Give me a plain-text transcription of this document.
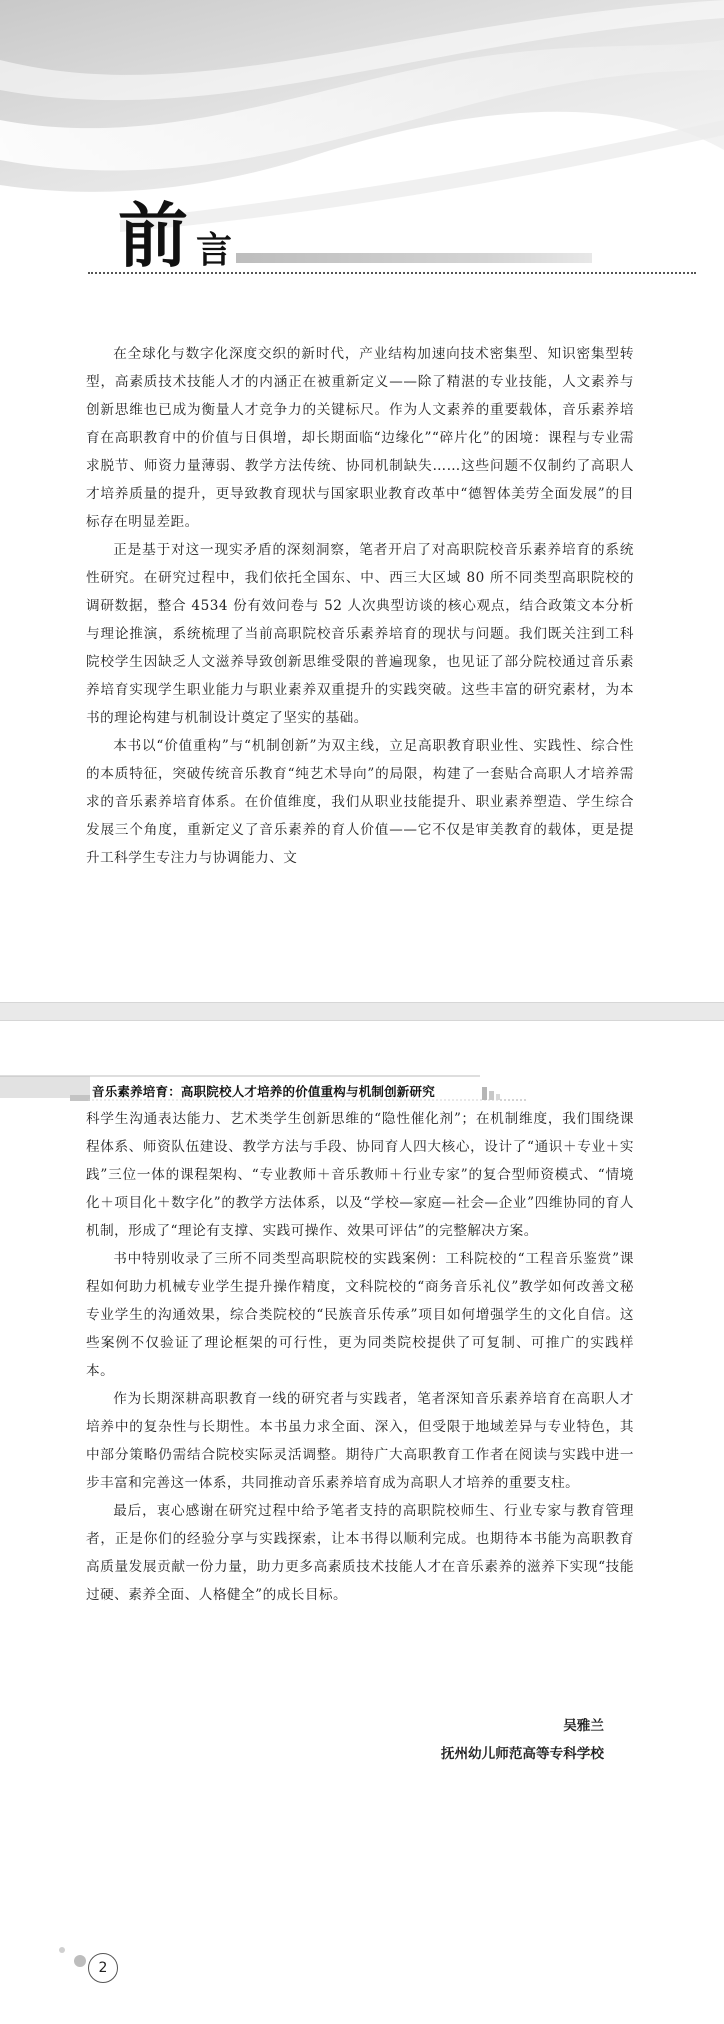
前 言

在全球化与数字化深度交织的新时代，产业结构加速向技术密集型、知识密集型转型，高素质技术技能人才的内涵正在被重新定义——除了精湛的专业技能，人文素养与创新思维也已成为衡量人才竞争力的关键标尺。作为人文素养的重要载体，音乐素养培育在高职教育中的价值与日俱增，却长期面临“边缘化”“碎片化”的困境：课程与专业需求脱节、师资力量薄弱、教学方法传统、协同机制缺失……这些问题不仅制约了高职人才培养质量的提升，更导致教育现状与国家职业教育改革中“德智体美劳全面发展”的目标存在明显差距。

正是基于对这一现实矛盾的深刻洞察，笔者开启了对高职院校音乐素养培育的系统性研究。在研究过程中，我们依托全国东、中、西三大区域 80 所不同类型高职院校的调研数据，整合 4534 份有效问卷与 52 人次典型访谈的核心观点，结合政策文本分析与理论推演，系统梳理了当前高职院校音乐素养培育的现状与问题。我们既关注到工科院校学生因缺乏人文滋养导致创新思维受限的普遍现象，也见证了部分院校通过音乐素养培育实现学生职业能力与职业素养双重提升的实践突破。这些丰富的研究素材，为本书的理论构建与机制设计奠定了坚实的基础。

本书以“价值重构”与“机制创新”为双主线，立足高职教育职业性、实践性、综合性的本质特征，突破传统音乐教育“纯艺术导向”的局限，构建了一套贴合高职人才培养需求的音乐素养培育体系。在价值维度，我们从职业技能提升、职业素养塑造、学生综合发展三个角度，重新定义了音乐素养的育人价值——它不仅是审美教育的载体，更是提升工科学生专注力与协调能力、文

音乐素养培育：高职院校人才培养的价值重构与机制创新研究

科学生沟通表达能力、艺术类学生创新思维的“隐性催化剂”；在机制维度，我们围绕课程体系、师资队伍建设、教学方法与手段、协同育人四大核心，设计了“通识＋专业＋实践”三位一体的课程架构、“专业教师＋音乐教师＋行业专家”的复合型师资模式、“情境化＋项目化＋数字化”的教学方法体系，以及“学校—家庭—社会—企业”四维协同的育人机制，形成了“理论有支撑、实践可操作、效果可评估”的完整解决方案。

书中特别收录了三所不同类型高职院校的实践案例：工科院校的“工程音乐鉴赏”课程如何助力机械专业学生提升操作精度，文科院校的“商务音乐礼仪”教学如何改善文秘专业学生的沟通效果，综合类院校的“民族音乐传承”项目如何增强学生的文化自信。这些案例不仅验证了理论框架的可行性，更为同类院校提供了可复制、可推广的实践样本。

作为长期深耕高职教育一线的研究者与实践者，笔者深知音乐素养培育在高职人才培养中的复杂性与长期性。本书虽力求全面、深入，但受限于地域差异与专业特色，其中部分策略仍需结合院校实际灵活调整。期待广大高职教育工作者在阅读与实践中进一步丰富和完善这一体系，共同推动音乐素养培育成为高职人才培养的重要支柱。

最后，衷心感谢在研究过程中给予笔者支持的高职院校师生、行业专家与教育管理者，正是你们的经验分享与实践探索，让本书得以顺利完成。也期待本书能为高职教育高质量发展贡献一份力量，助力更多高素质技术技能人才在音乐素养的滋养下实现“技能过硬、素养全面、人格健全”的成长目标。

吴雅兰
抚州幼儿师范高等专科学校
2
